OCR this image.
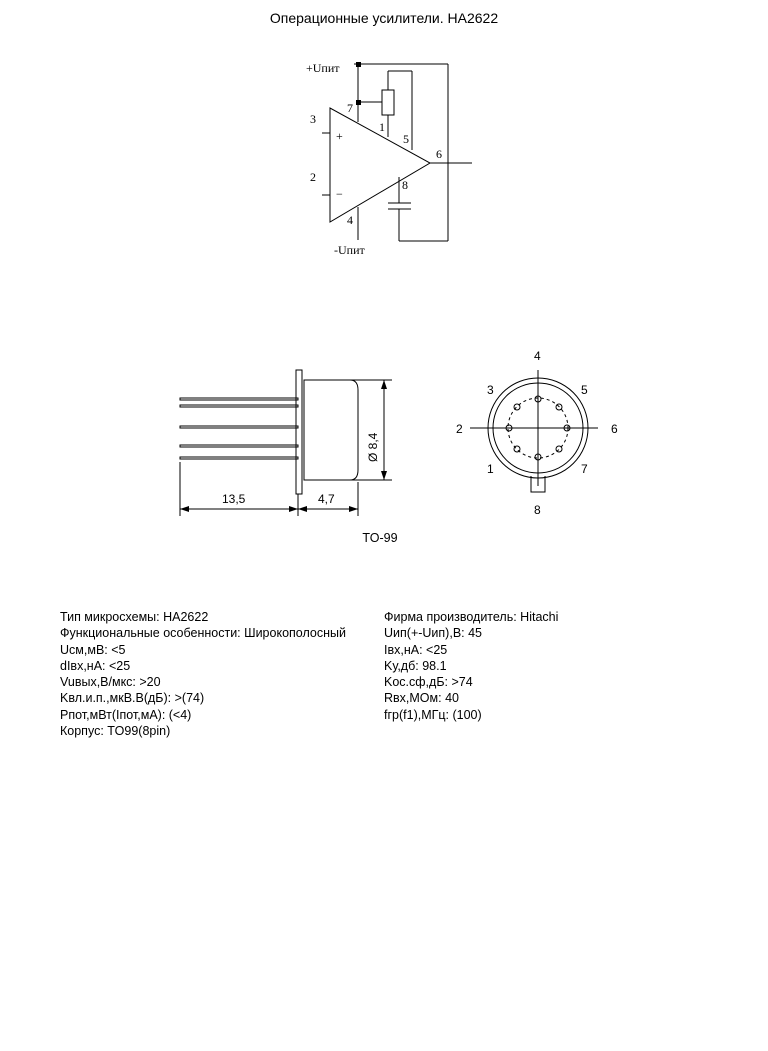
Операционные усилители. HA2622
+Uпит
-Uпит
3
2
+
−
7
1
5
6
8
4
13,5	4,7
Ø 8,4
4
3	5
2	6
1	7
8
TO-99
Тип микросхемы: HA2622
Функциональные особенности: Широкополосный
Uсм,мВ: <5
dIвх,нА: <25
Vuвых,В/мкс: >20
Kвл.и.п.,мкВ.В(дБ): >(74)
Pпот,мВт(Iпот,мА): (<4)
Корпус: TO99(8pin)
Фирма производитель: Hitachi
Uип(+-Uип),В: 45
Iвх,нА: <25
Kу,дб: 98.1
Kос.сф,дБ: >74
Rвх,МОм: 40
fгр(f1),МГц: (100)
